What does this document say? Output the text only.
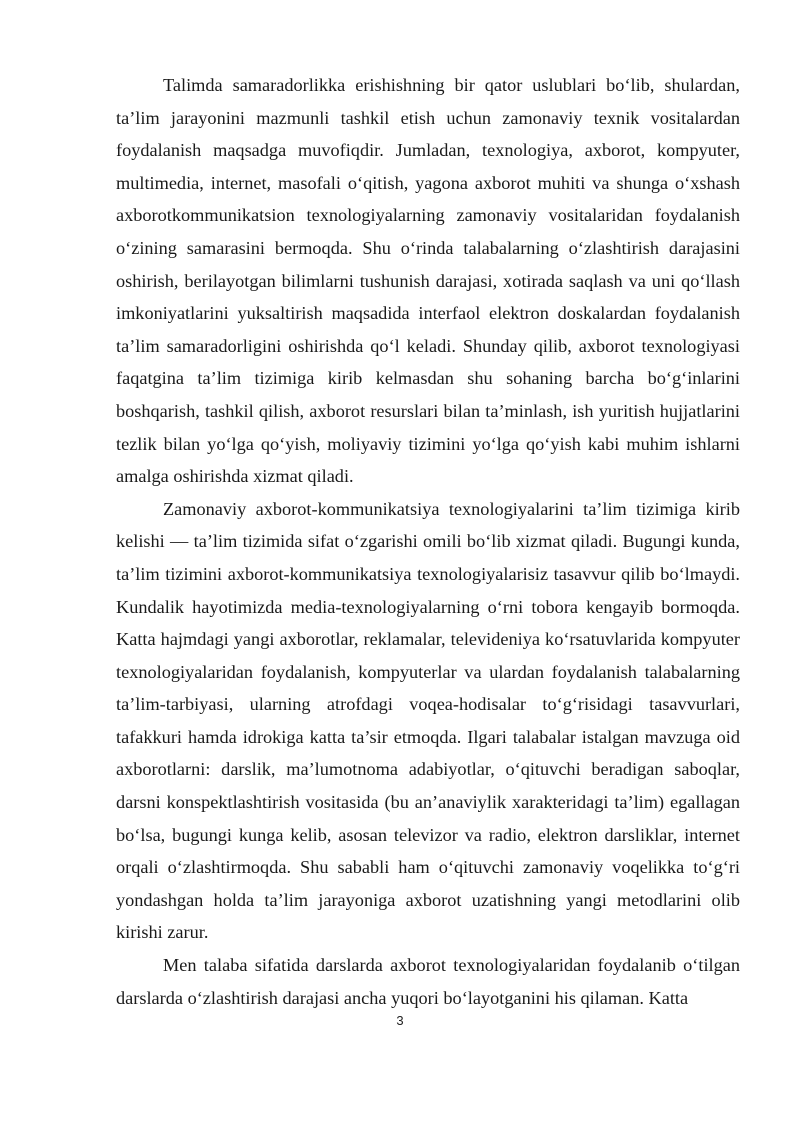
Talimda samaradorlikka erishishning bir qator uslublari bo‘lib, shulardan, ta’lim jarayonini mazmunli tashkil etish uchun zamonaviy texnik vositalardan foydalanish maqsadga muvofiqdir. Jumladan, texnologiya, axborot, kompyuter, multimedia, internet, masofali o‘qitish, yagona axborot muhiti va shunga o‘xshash axborotkommunikatsion texnologiyalarning zamonaviy vositalaridan foydalanish o‘zining samarasini bermoqda. Shu o‘rinda talabalarning o‘zlashtirish darajasini oshirish, berilayotgan bilimlarni tushunish darajasi, xotirada saqlash va uni qo‘llash imkoniyatlarini yuksaltirish maqsadida interfaol elektron doskalardan foydalanish ta’lim samaradorligini oshirishda qo‘l keladi. Shunday qilib, axborot texnologiyasi faqatgina ta’lim tizimiga kirib kelmasdan shu sohaning barcha bo‘g‘inlarini boshqarish, tashkil qilish, axborot resurslari bilan ta’minlash, ish yuritish hujjatlarini tezlik bilan yo‘lga qo‘yish, moliyaviy tizimini yo‘lga qo‘yish kabi muhim ishlarni amalga oshirishda xizmat qiladi.

Zamonaviy axborot-kommunikatsiya texnologiyalarini ta’lim tizimiga kirib kelishi — ta’lim tizimida sifat o‘zgarishi omili bo‘lib xizmat qiladi. Bugungi kunda, ta’lim tizimini axborot-kommunikatsiya texnologiyalarisiz tasavvur qilib bo‘lmaydi. Kundalik hayotimizda media-texnologiyalarning o‘rni tobora kengayib bormoqda. Katta hajmdagi yangi axborotlar, reklamalar, televideniya ko‘rsatuvlarida kompyuter texnologiyalaridan foydalanish, kompyuterlar va ulardan foydalanish talabalarning ta’lim-tarbiyasi, ularning atrofdagi voqea-hodisalar to‘g‘risidagi tasavvurlari, tafakkuri hamda idrokiga katta ta’sir etmoqda. Ilgari talabalar istalgan mavzuga oid axborotlarni: darslik, ma’lumotnoma adabiyotlar, o‘qituvchi beradigan saboqlar, darsni konspektlashtirish vositasida (bu an’anaviylik xarakteridagi ta’lim) egallagan bo‘lsa, bugungi kunga kelib, asosan televizor va radio, elektron darsliklar, internet orqali o‘zlashtirmoqda. Shu sababli ham o‘qituvchi zamonaviy voqelikka to‘g‘ri yondashgan holda ta’lim jarayoniga axborot uzatishning yangi metodlarini olib kirishi zarur.

Men talaba sifatida darslarda axborot texnologiyalaridan foydalanib o‘tilgan darslarda o‘zlashtirish darajasi ancha yuqori bo‘layotganini his qilaman. Katta

3
